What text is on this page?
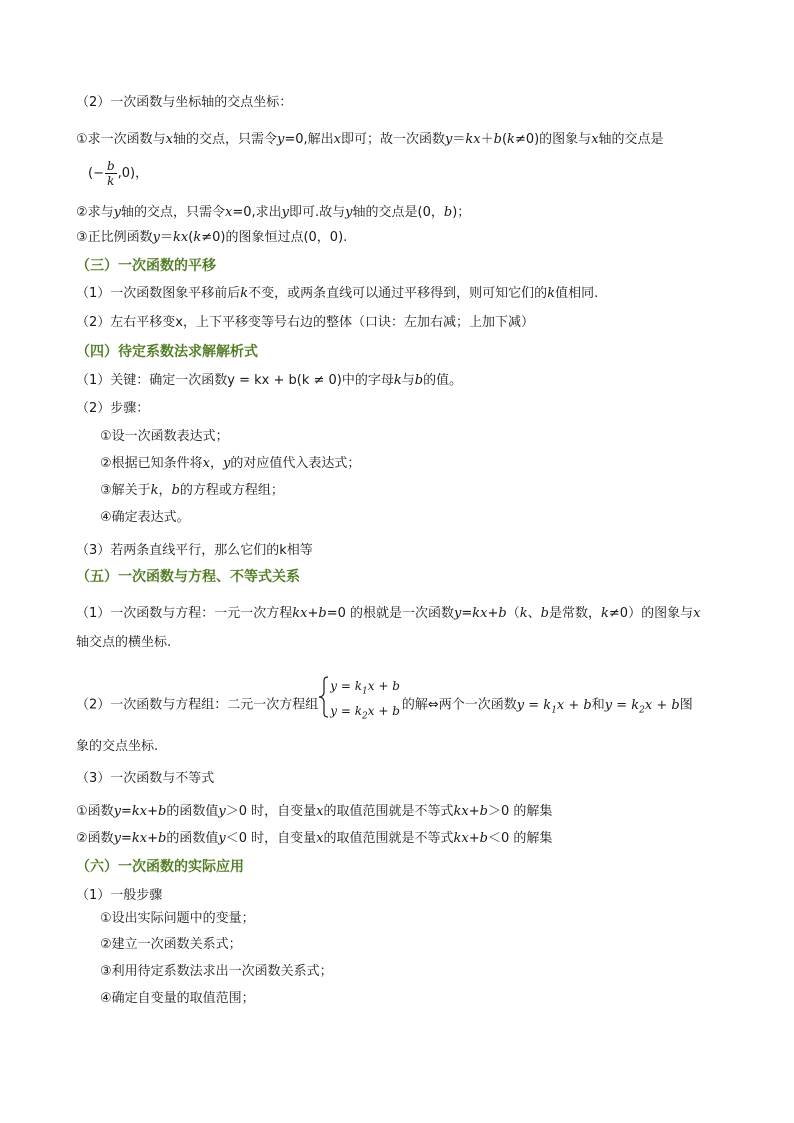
（2）一次函数与坐标轴的交点坐标：
①求一次函数与x轴的交点，只需令y=0,解出x即可；故一次函数y＝kx＋b(k≠0)的图象与x轴的交点是
(− $\frac{b}{k} ,0$)，
②求与y轴的交点，只需令x=0,求出y即可.故与y轴的交点是(0，b)；
③正比例函数y＝kx(k≠0)的图象恒过点(0，0).
（三）一次函数的平移
（1）一次函数图象平移前后k不变，或两条直线可以通过平移得到，则可知它们的k值相同.
（2）左右平移变x，上下平移变等号右边的整体（口诀：左加右减；上加下减）
（四）待定系数法求解解析式
（1）关键：确定一次函数y = kx + b(k ≠ 0)中的字母k与b的值。
（2）步骤：
①设一次函数表达式；
②根据已知条件将x，y的对应值代入表达式；
③解关于k，b的方程或方程组；
④确定表达式。
（3）若两条直线平行，那么它们的k相等
（五）一次函数与方程、不等式关系
（1）一次函数与方程：一元一次方程kx+b=0 的根就是一次函数y=kx+b（k、b是常数，k≠0）的图象与x
轴交点的横坐标.
（2）一次函数与方程组：二元一次方程组
$y = k_1x + b$
$y = k_2x + b$ 的解⇔两个一次函数$y = k_1x + b$和$y = k_2x + b$图
象的交点坐标.
（3）一次函数与不等式
①函数y=kx+b的函数值y＞0 时，自变量x的取值范围就是不等式kx+b＞0 的解集
②函数y=kx+b的函数值y＜0 时，自变量x的取值范围就是不等式kx+b＜0 的解集
（六）一次函数的实际应用
（1）一般步骤
①设出实际问题中的变量；
②建立一次函数关系式；
③利用待定系数法求出一次函数关系式；
④确定自变量的取值范围；
